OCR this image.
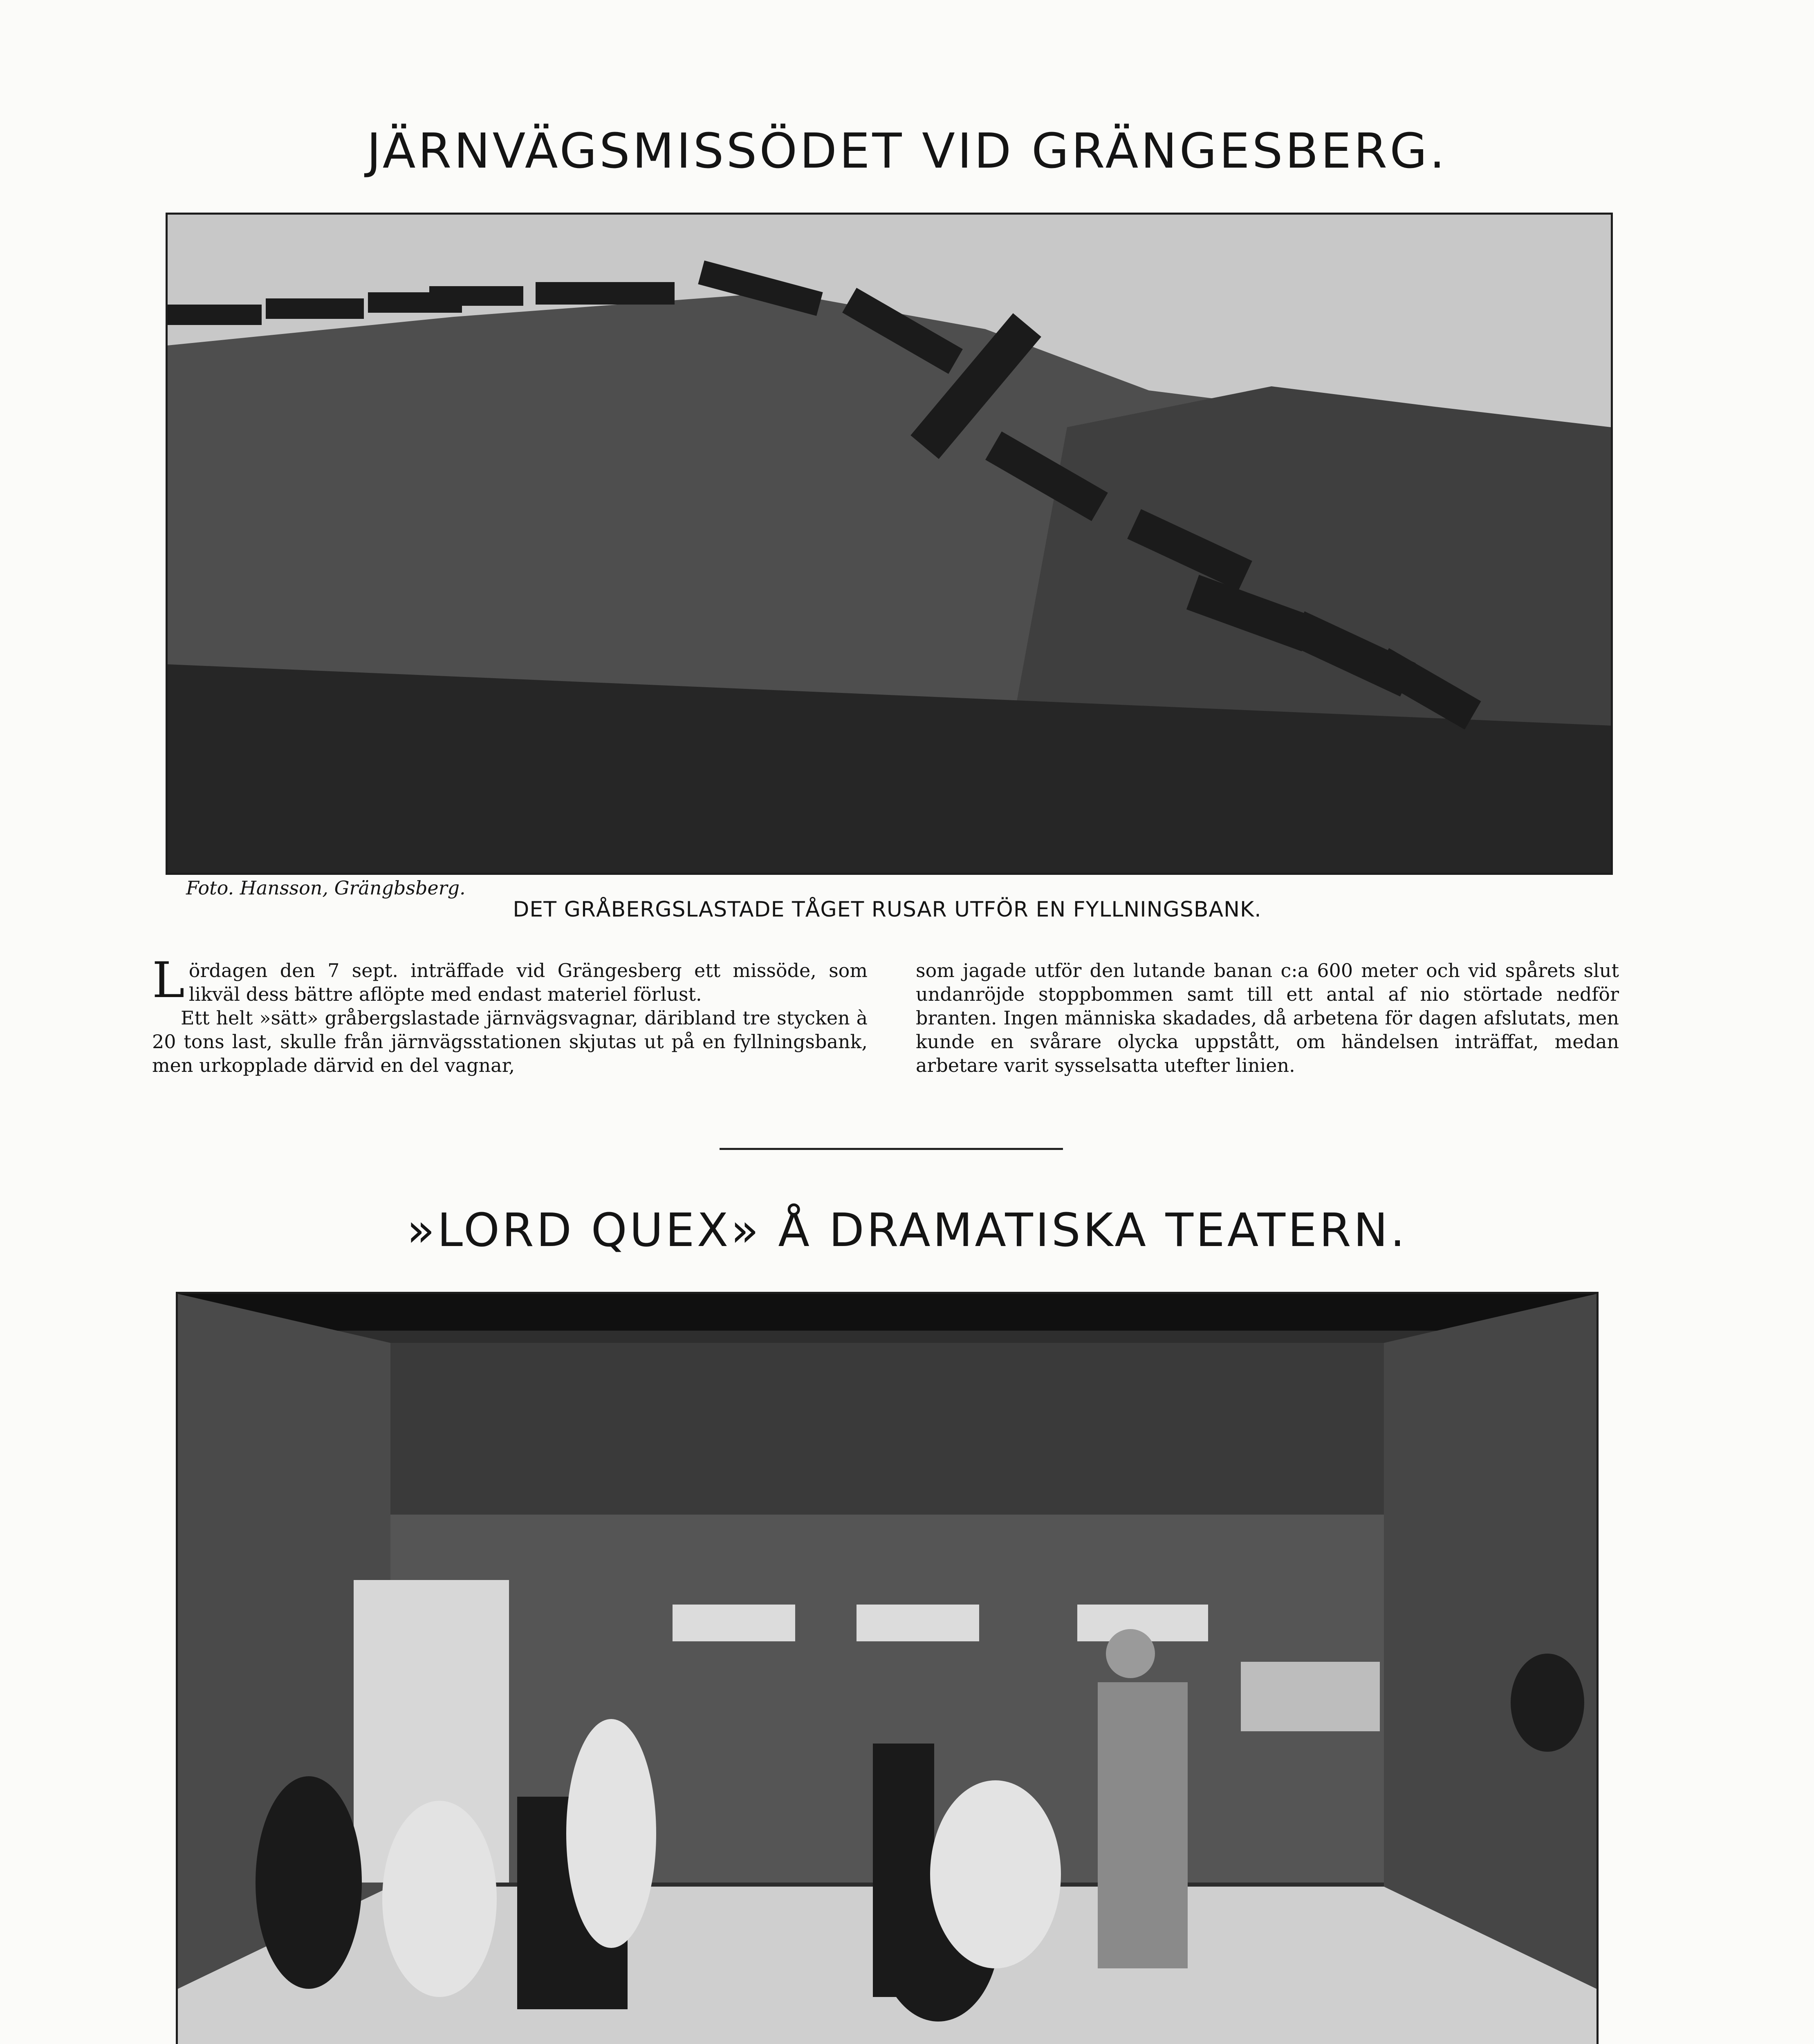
JÄRNVÄGSMISSÖDET VID GRÄNGESBERG.
Foto. Hansson, Grängbsberg.
DET GRÅBERGSLASTADE TÅGET RUSAR UTFÖR EN FYLLNINGSBANK.
L ördagen den 7 sept. inträffade vid Grängesberg ett missöde, som likväl dess bättre aflöpte med endast materiel förlust.

Ett helt »sätt» gråbergslastade järnvägsvagnar, däribland tre stycken à 20 tons last, skulle från järnvägsstationen skjutas ut på en fyllningsbank, men urkopplade därvid en del vagnar,

som jagade utför den lutande banan c:a 600 meter och vid spårets slut undanröjde stoppbommen samt till ett antal af nio störtade nedför branten. Ingen människa skadades, då arbetena för dagen afslutats, men kunde en svårare olycka uppstått, om händelsen inträffat, medan arbetare varit sysselsatta utefter linien.

»LORD QUEX» Å DRAMATISKA TEATERN.
